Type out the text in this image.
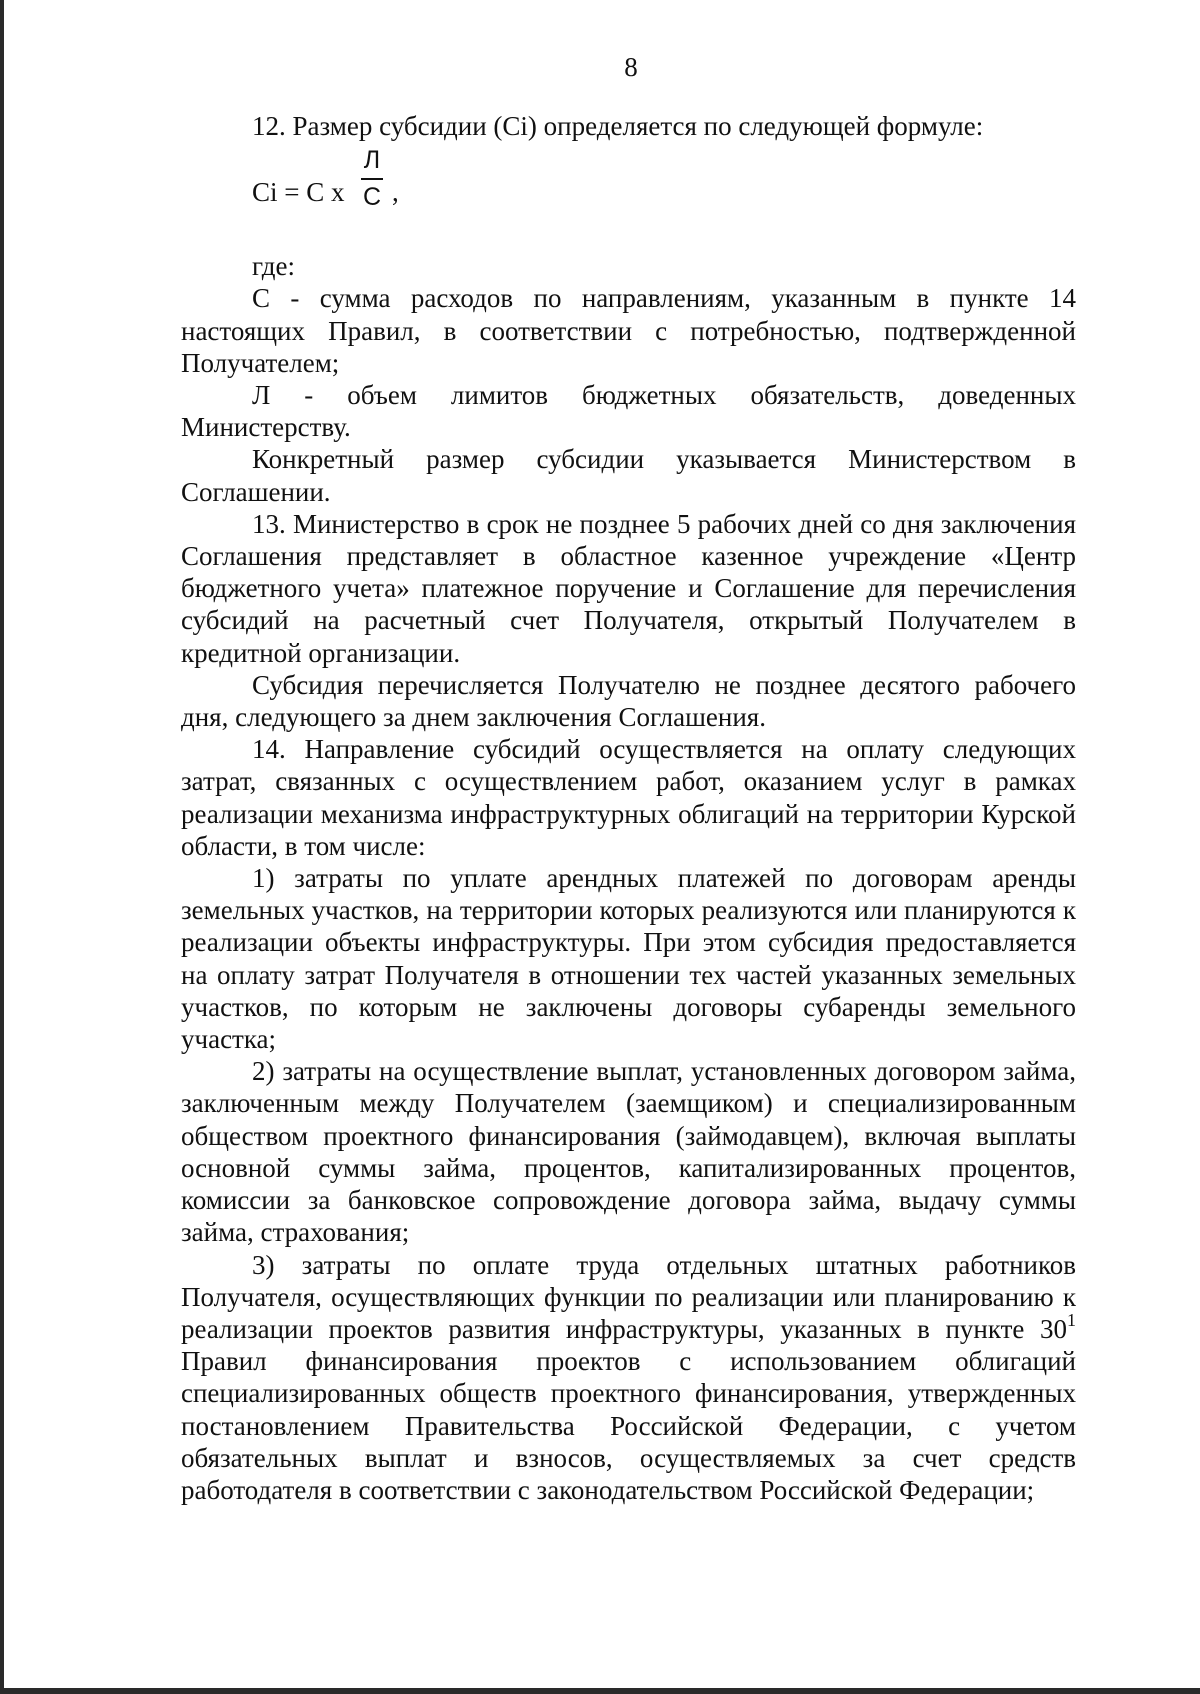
8

12. Размер субсидии (Ci) определяется по следующей формуле:

Ci = С x
Л
С ,

где:

С - сумма расходов по направлениям, указанным в пункте 14 настоящих Правил, в соответствии с потребностью, подтвержденной Получателем;

Л - объем лимитов бюджетных обязательств, доведенных Министерству.

Конкретный размер субсидии указывается Министерством в Соглашении.

13. Министерство в срок не позднее 5 рабочих дней со дня заключения Соглашения представляет в областное казенное учреждение «Центр бюджетного учета» платежное поручение и Соглашение для перечисления субсидий на расчетный счет Получателя, открытый Получателем в кредитной организации.

Субсидия перечисляется Получателю не позднее десятого рабочего дня, следующего за днем заключения Соглашения.

14. Направление субсидий осуществляется на оплату следующих затрат, связанных с осуществлением работ, оказанием услуг в рамках реализации механизма инфраструктурных облигаций на территории Курской области, в том числе:

1) затраты по уплате арендных платежей по договорам аренды земельных участков, на территории которых реализуются или планируются к реализации объекты инфраструктуры. При этом субсидия предоставляется на оплату затрат Получателя в отношении тех частей указанных земельных участков, по которым не заключены договоры субаренды земельного участка;

2) затраты на осуществление выплат, установленных договором займа, заключенным между Получателем (заемщиком) и специализированным обществом проектного финансирования (займодавцем), включая выплаты основной суммы займа, процентов, капитализированных процентов, комиссии за банковское сопровождение договора займа, выдачу суммы займа, страхования;

3) затраты по оплате труда отдельных штатных работников Получателя, осуществляющих функции по реализации или планированию к реализации проектов развития инфраструктуры, указанных в пункте 30$^1$ Правил финансирования проектов с использованием облигаций специализированных обществ проектного финансирования, утвержденных постановлением Правительства Российской Федерации, с учетом обязательных выплат и взносов, осуществляемых за счет средств работодателя в соответствии с законодательством Российской Федерации;
